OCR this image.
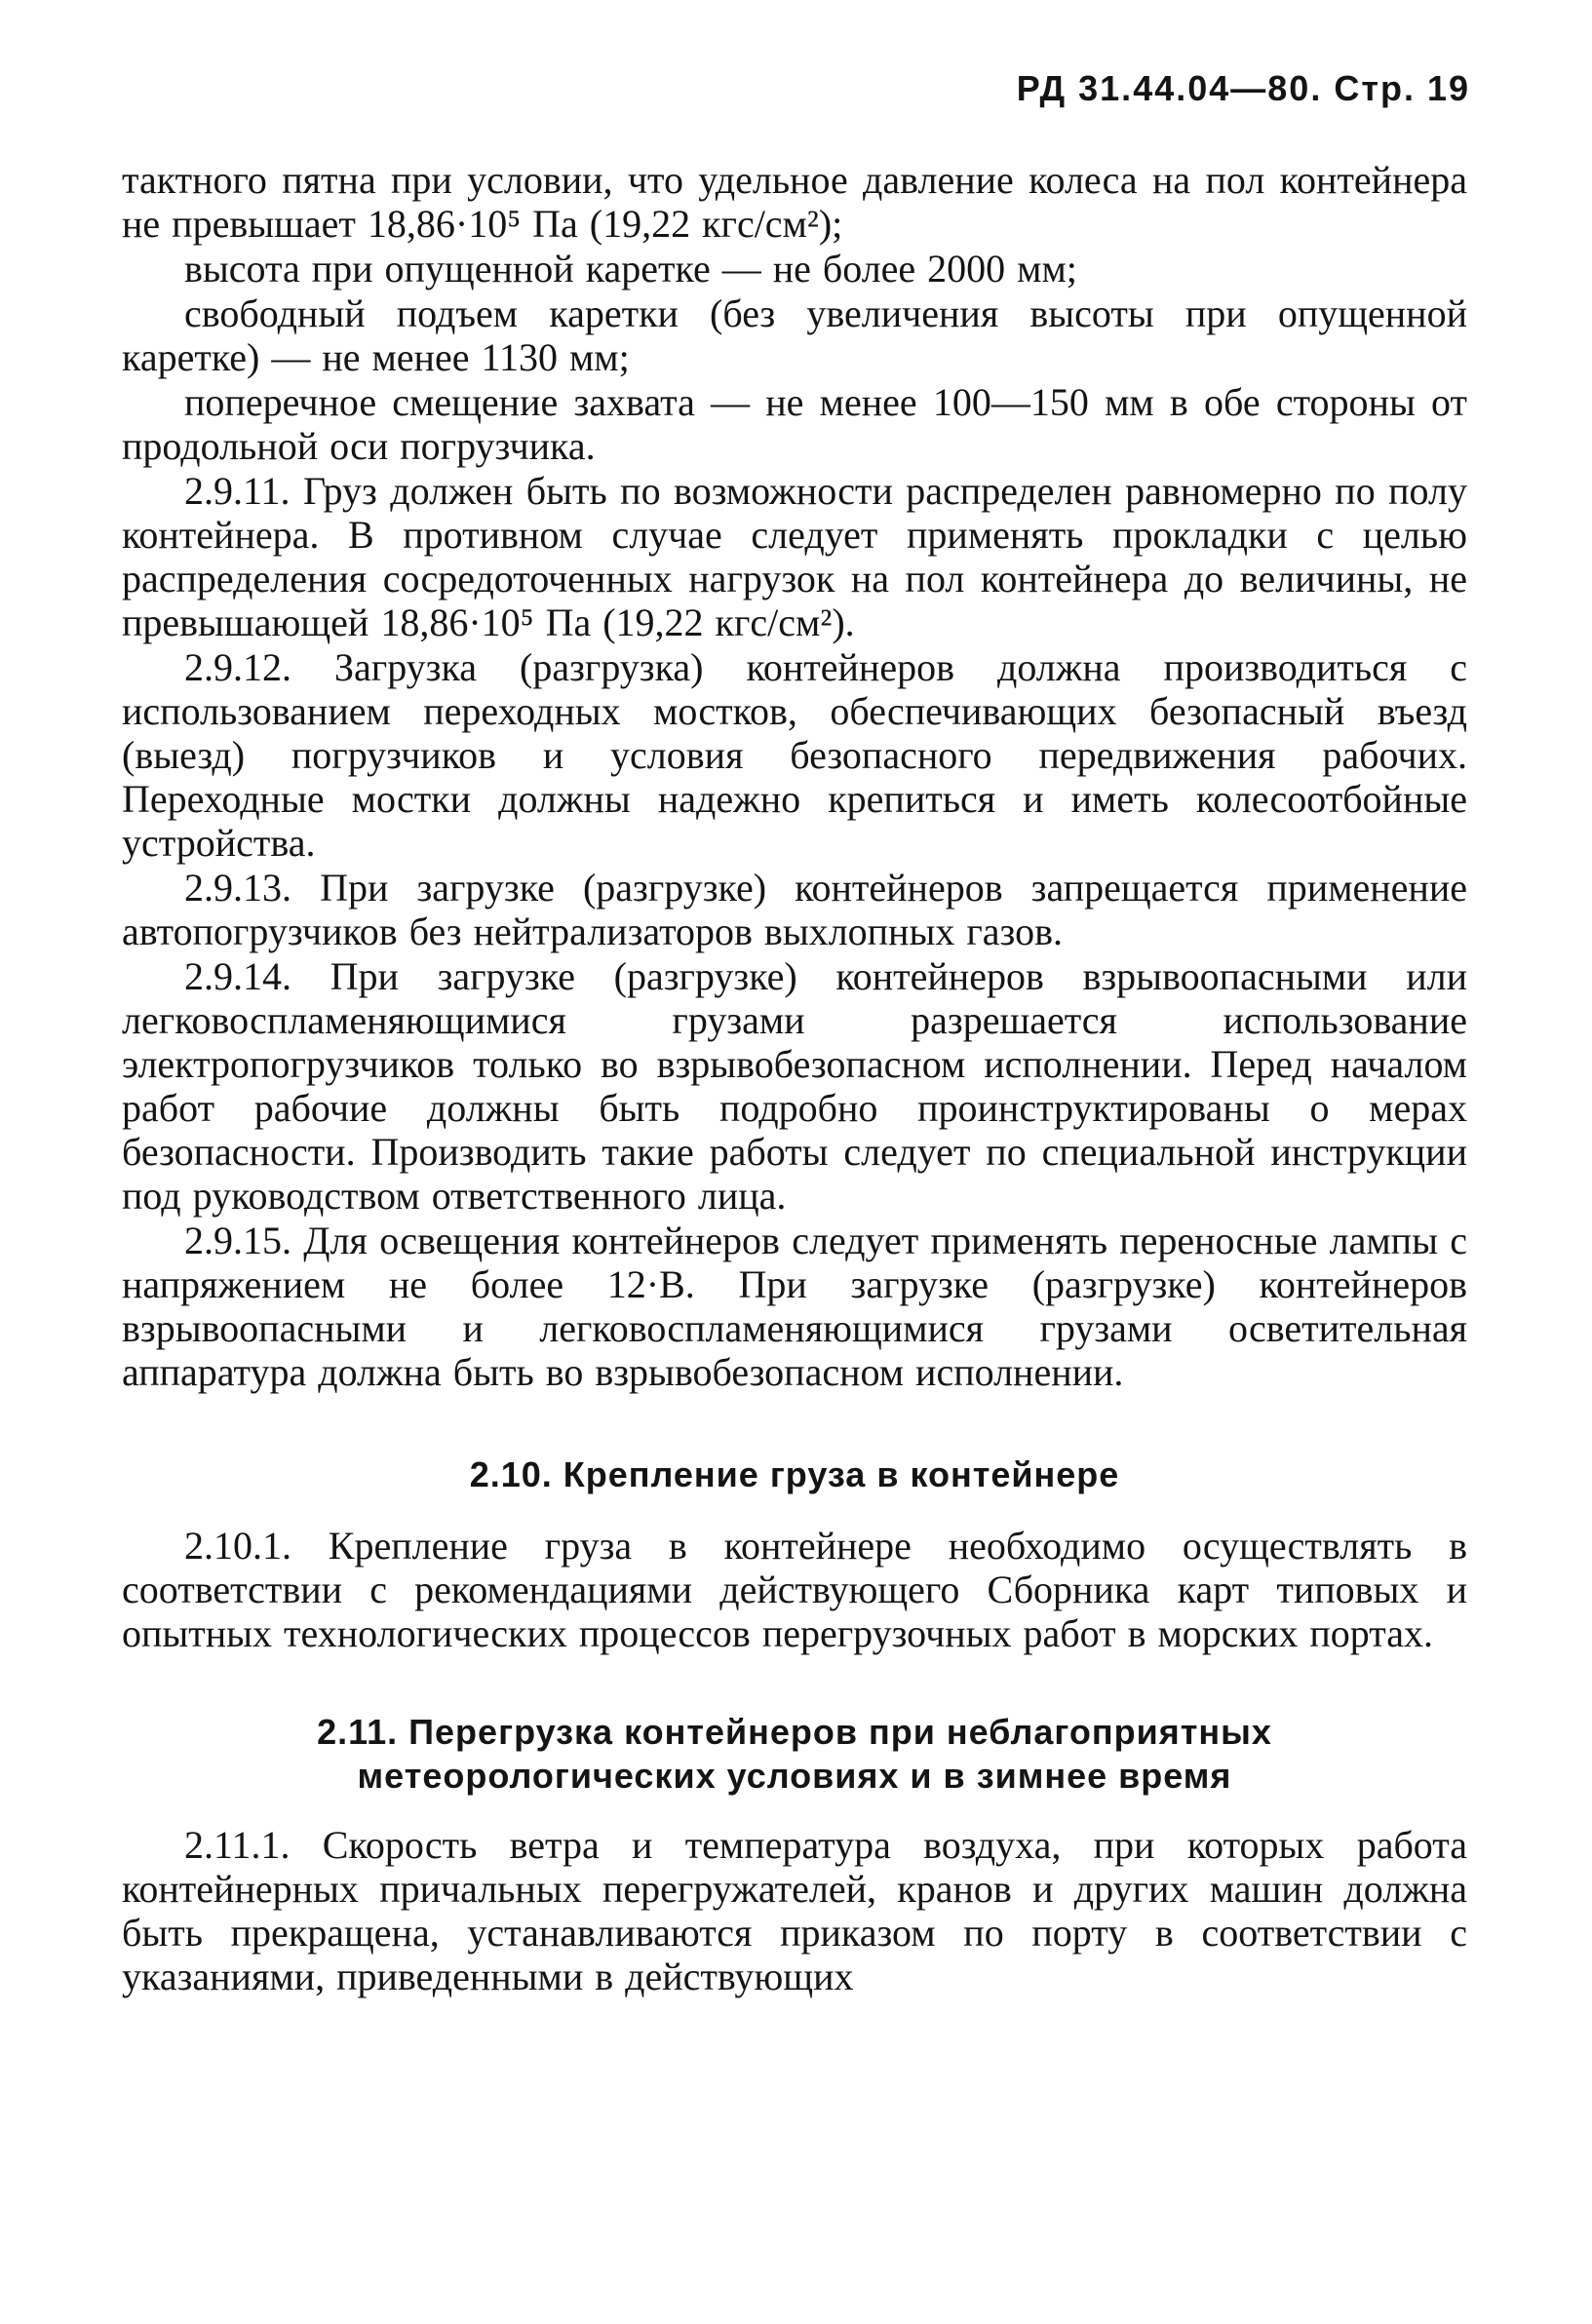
РД 31.44.04—80. Стр. 19

тактного пятна при условии, что удельное давление колеса на пол контейнера не превышает 18,86·10⁵ Па (19,22 кгс/см²);

высота при опущенной каретке — не более 2000 мм;

свободный подъем каретки (без увеличения высоты при опущенной каретке) — не менее 1130 мм;

поперечное смещение захвата — не менее 100—150 мм в обе стороны от продольной оси погрузчика.

2.9.11. Груз должен быть по возможности распределен равномерно по полу контейнера. В противном случае следует применять прокладки с целью распределения сосредоточенных нагрузок на пол контейнера до величины, не превышающей 18,86·10⁵ Па (19,22 кгс/см²).

2.9.12. Загрузка (разгрузка) контейнеров должна производиться с использованием переходных мостков, обеспечивающих безопасный въезд (выезд) погрузчиков и условия безопасного передвижения рабочих. Переходные мостки должны надежно крепиться и иметь колесоотбойные устройства.

2.9.13. При загрузке (разгрузке) контейнеров запрещается применение автопогрузчиков без нейтрализаторов выхлопных газов.

2.9.14. При загрузке (разгрузке) контейнеров взрывоопасными или легковоспламеняющимися грузами разрешается использование электропогрузчиков только во взрывобезопасном исполнении. Перед началом работ рабочие должны быть подробно проинструктированы о мерах безопасности. Производить такие работы следует по специальной инструкции под руководством ответственного лица.

2.9.15. Для освещения контейнеров следует применять переносные лампы с напряжением не более 12·В. При загрузке (разгрузке) контейнеров взрывоопасными и легковоспламеняющимися грузами осветительная аппаратура должна быть во взрывобезопасном исполнении.

2.10. Крепление груза в контейнере

2.10.1. Крепление груза в контейнере необходимо осуществлять в соответствии с рекомендациями действующего Сборника карт типовых и опытных технологических процессов перегрузочных работ в морских портах.

2.11. Перегрузка контейнеров при неблагоприятных
метеорологических условиях и в зимнее время

2.11.1. Скорость ветра и температура воздуха, при которых работа контейнерных причальных перегружателей, кранов и других машин должна быть прекращена, устанавливаются приказом по порту в соответствии с указаниями, приведенными в действующих
